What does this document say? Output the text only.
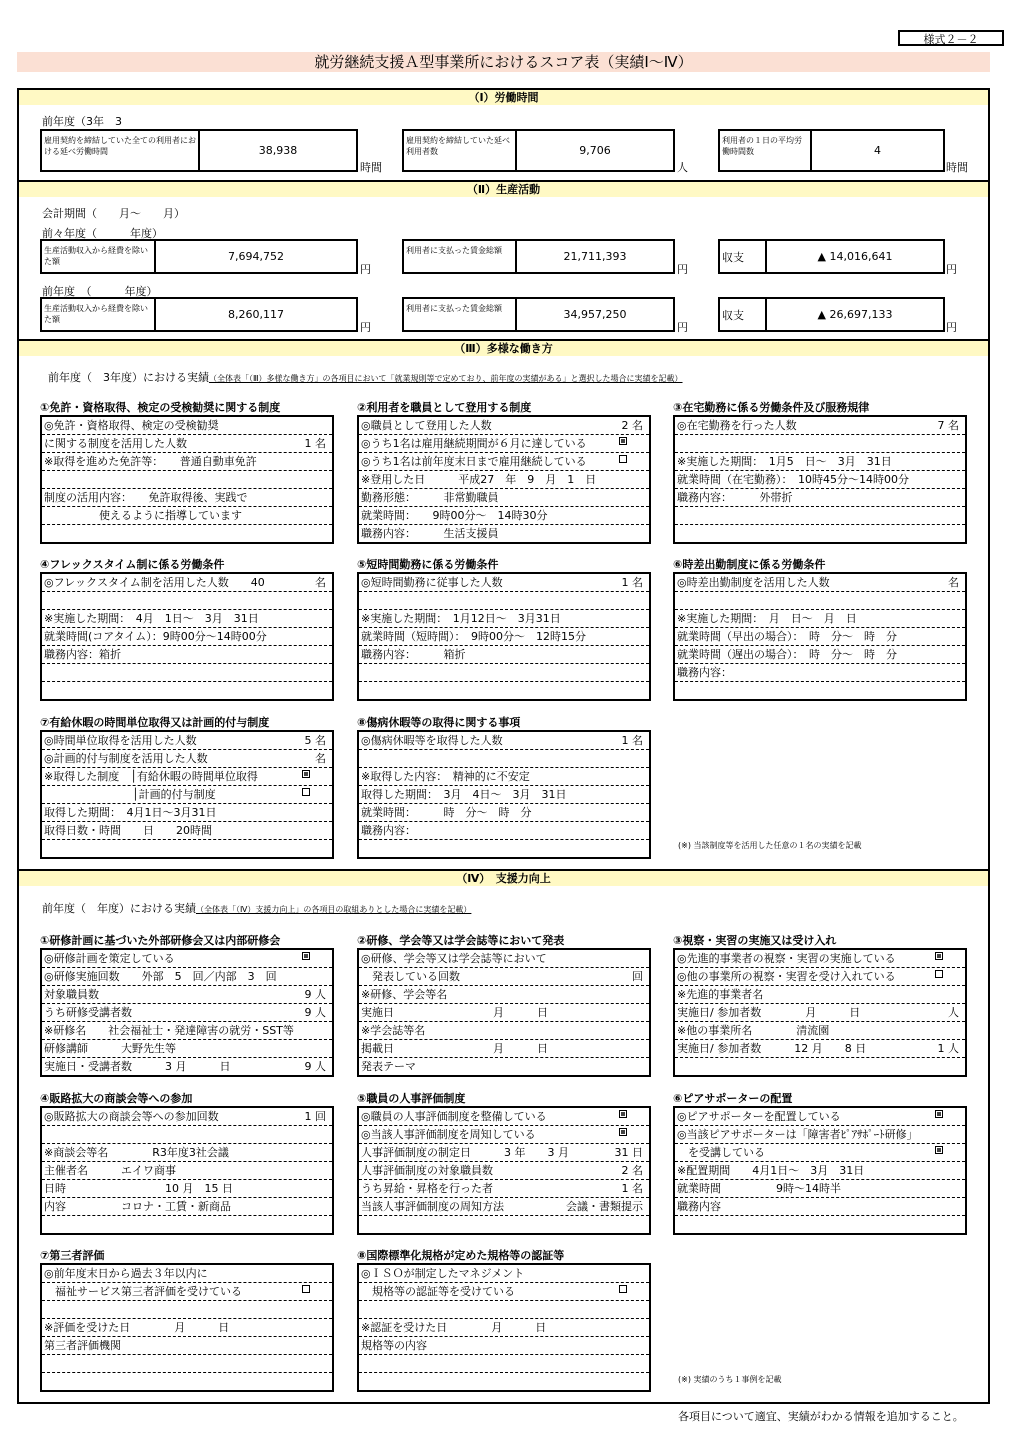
様式２－２
就労継続支援Ａ型事業所におけるスコア表（実績Ⅰ～Ⅳ）
（Ⅰ）労働時間
前年度（3年　3
雇用契約を締結していた全ての利用者における延べ労働時間	38,938
時間
雇用契約を締結していた延べ利用者数	9,706
人
利用者の１日の平均労働時間数	4
時間
（Ⅱ）生産活動
会計期間（　　月～　　月）
前々年度（　　　年度）
生産活動収入から経費を除いた額	7,694,752
円
利用者に支払った賃金総額	21,711,393
円
収支	▲ 14,016,641
円
前年度　（　　　年度）
生産活動収入から経費を除いた額	8,260,117
円
利用者に支払った賃金総額	34,957,250
円
収支	▲ 26,697,133
円
（Ⅲ）多様な働き方
前年度（　3年度）における実績（全体表「（Ⅲ）多様な働き方」の各項目において「就業規則等で定めており、前年度の実績がある」と選択した場合に実績を記載）
①免許・資格取得、検定の受検勧奨に関する制度
◎免許・資格取得、検定の受検勧奨
に関する制度を活用した人数	1 名
※取得を進めた免許等：　　普通自動車免許
制度の活用内容：　　免許取得後、実践で
　　　　　使えるように指導しています
②利用者を職員として登用する制度
◎職員として登用した人数	2 名
◎うち1名は雇用継続期間が６月に達している
◎うち1名は前年度末日まで雇用継続している
※登用した日　　　平成27　年　9　月　1　日
勤務形態：　　　非常勤職員
就業時間：　　9時00分～　14時30分
職務内容：　　　生活支援員
③在宅勤務に係る労働条件及び服務規律
◎在宅勤務を行った人数	7 名
※実施した期間：　1月5　日～　3月　31日
就業時間（在宅勤務）：　10時45分～14時00分
職務内容：　　　外帯折
④フレックスタイム制に係る労働条件
◎フレックスタイム制を活用した人数　　40	名
※実施した期間：　4月　1日～　3月　31日
就業時間(コアタイム）：9時00分～14時00分
職務内容：箱折
⑤短時間勤務に係る労働条件
◎短時間勤務に従事した人数	1 名
※実施した期間：　1月12日～　3月31日
就業時間（短時間）：　9時00分～　12時15分
職務内容：　　　箱折
⑥時差出勤制度に係る労働条件
◎時差出勤制度を活用した人数	名
※実施した期間：　月　日～　月　日
就業時間（早出の場合）：　時　分～　時　分
就業時間（遅出の場合）：　時　分～　時　分
職務内容：
⑦有給休暇の時間単位取得又は計画的付与制度
◎時間単位取得を活用した人数	5 名
◎計画的付与制度を活用した人数	名
※取得した制度　│有給休暇の時間単位取得
　　　　　　　　│計画的付与制度
取得した期間：　4月1日～3月31日
取得日数・時間　　日　　20時間
⑧傷病休暇等の取得に関する事項
◎傷病休暇等を取得した人数	1 名
※取得した内容：　精神的に不安定
取得した期間：　3月　4日～　3月　31日
就業時間：　　　時　分～　時　分
職務内容：
(※) 当該制度等を活用した任意の１名の実績を記載
（Ⅳ）　支援力向上
前年度（　年度）における実績（全体表「（Ⅳ）支援力向上」の各項目の取組ありとした場合に実績を記載）
①研修計画に基づいた外部研修会又は内部研修会
◎研修計画を策定している
◎研修実施回数　　外部　5　回／内部　3　回
対象職員数	9 人
うち研修受講者数	9 人
※研修名　　社会福祉士・発達障害の就労・SST等
研修講師　　　大野先生等
実施日・受講者数　　　3 月　　　日	9 人
②研修、学会等又は学会誌等において発表
◎研修、学会等又は学会誌等において
　発表している回数	回
※研修、学会等名
実施日　　　　　　　　　月　　　日
※学会誌等名
掲載日　　　　　　　　　月　　　日
発表テーマ
③視察・実習の実施又は受け入れ
◎先進的事業者の視察・実習の実施している
◎他の事業所の視察・実習を受け入れている
※先進的事業者名
実施日/ 参加者数　　　　月　　　日	人
※他の事業所名　　　　清流園
実施日/ 参加者数　　　12 月　　8 日	1 人
④販路拡大の商談会等への参加
◎販路拡大の商談会等への参加回数	1 回
※商談会等名　　　　R3年度3社会議
主催者名　　　エイワ商事
日時　　　　　　　　　10 月　15 日
内容　　　　　コロナ・工賃・新商品
⑤職員の人事評価制度
◎職員の人事評価制度を整備している
◎当該人事評価制度を周知している
人事評価制度の制定日　　　3 年　　3 月	31 日
人事評価制度の対象職員数	2 名
うち昇給・昇格を行った者	1 名
当該人事評価制度の周知方法	会議・書類提示
⑥ピアサポーターの配置
◎ピアサポーターを配置している
◎当該ピアサポーターは「障害者ﾋﾟｱｻﾎﾟｰﾄ研修」
　を受講している
※配置期間　　4月1日～　3月　31日
就業時間　　　　　9時～14時半
職務内容
⑦第三者評価
◎前年度末日から過去３年以内に
　福祉サービス第三者評価を受けている
※評価を受けた日　　　　月　　　日
第三者評価機関
⑧国際標準化規格が定めた規格等の認証等
◎ＩＳＯが制定したマネジメント
　規格等の認証等を受けている
※認証を受けた日　　　　月　　　日
規格等の内容
(※) 実績のうち１事例を記載
各項目について適宜、実績がわかる情報を追加すること。
